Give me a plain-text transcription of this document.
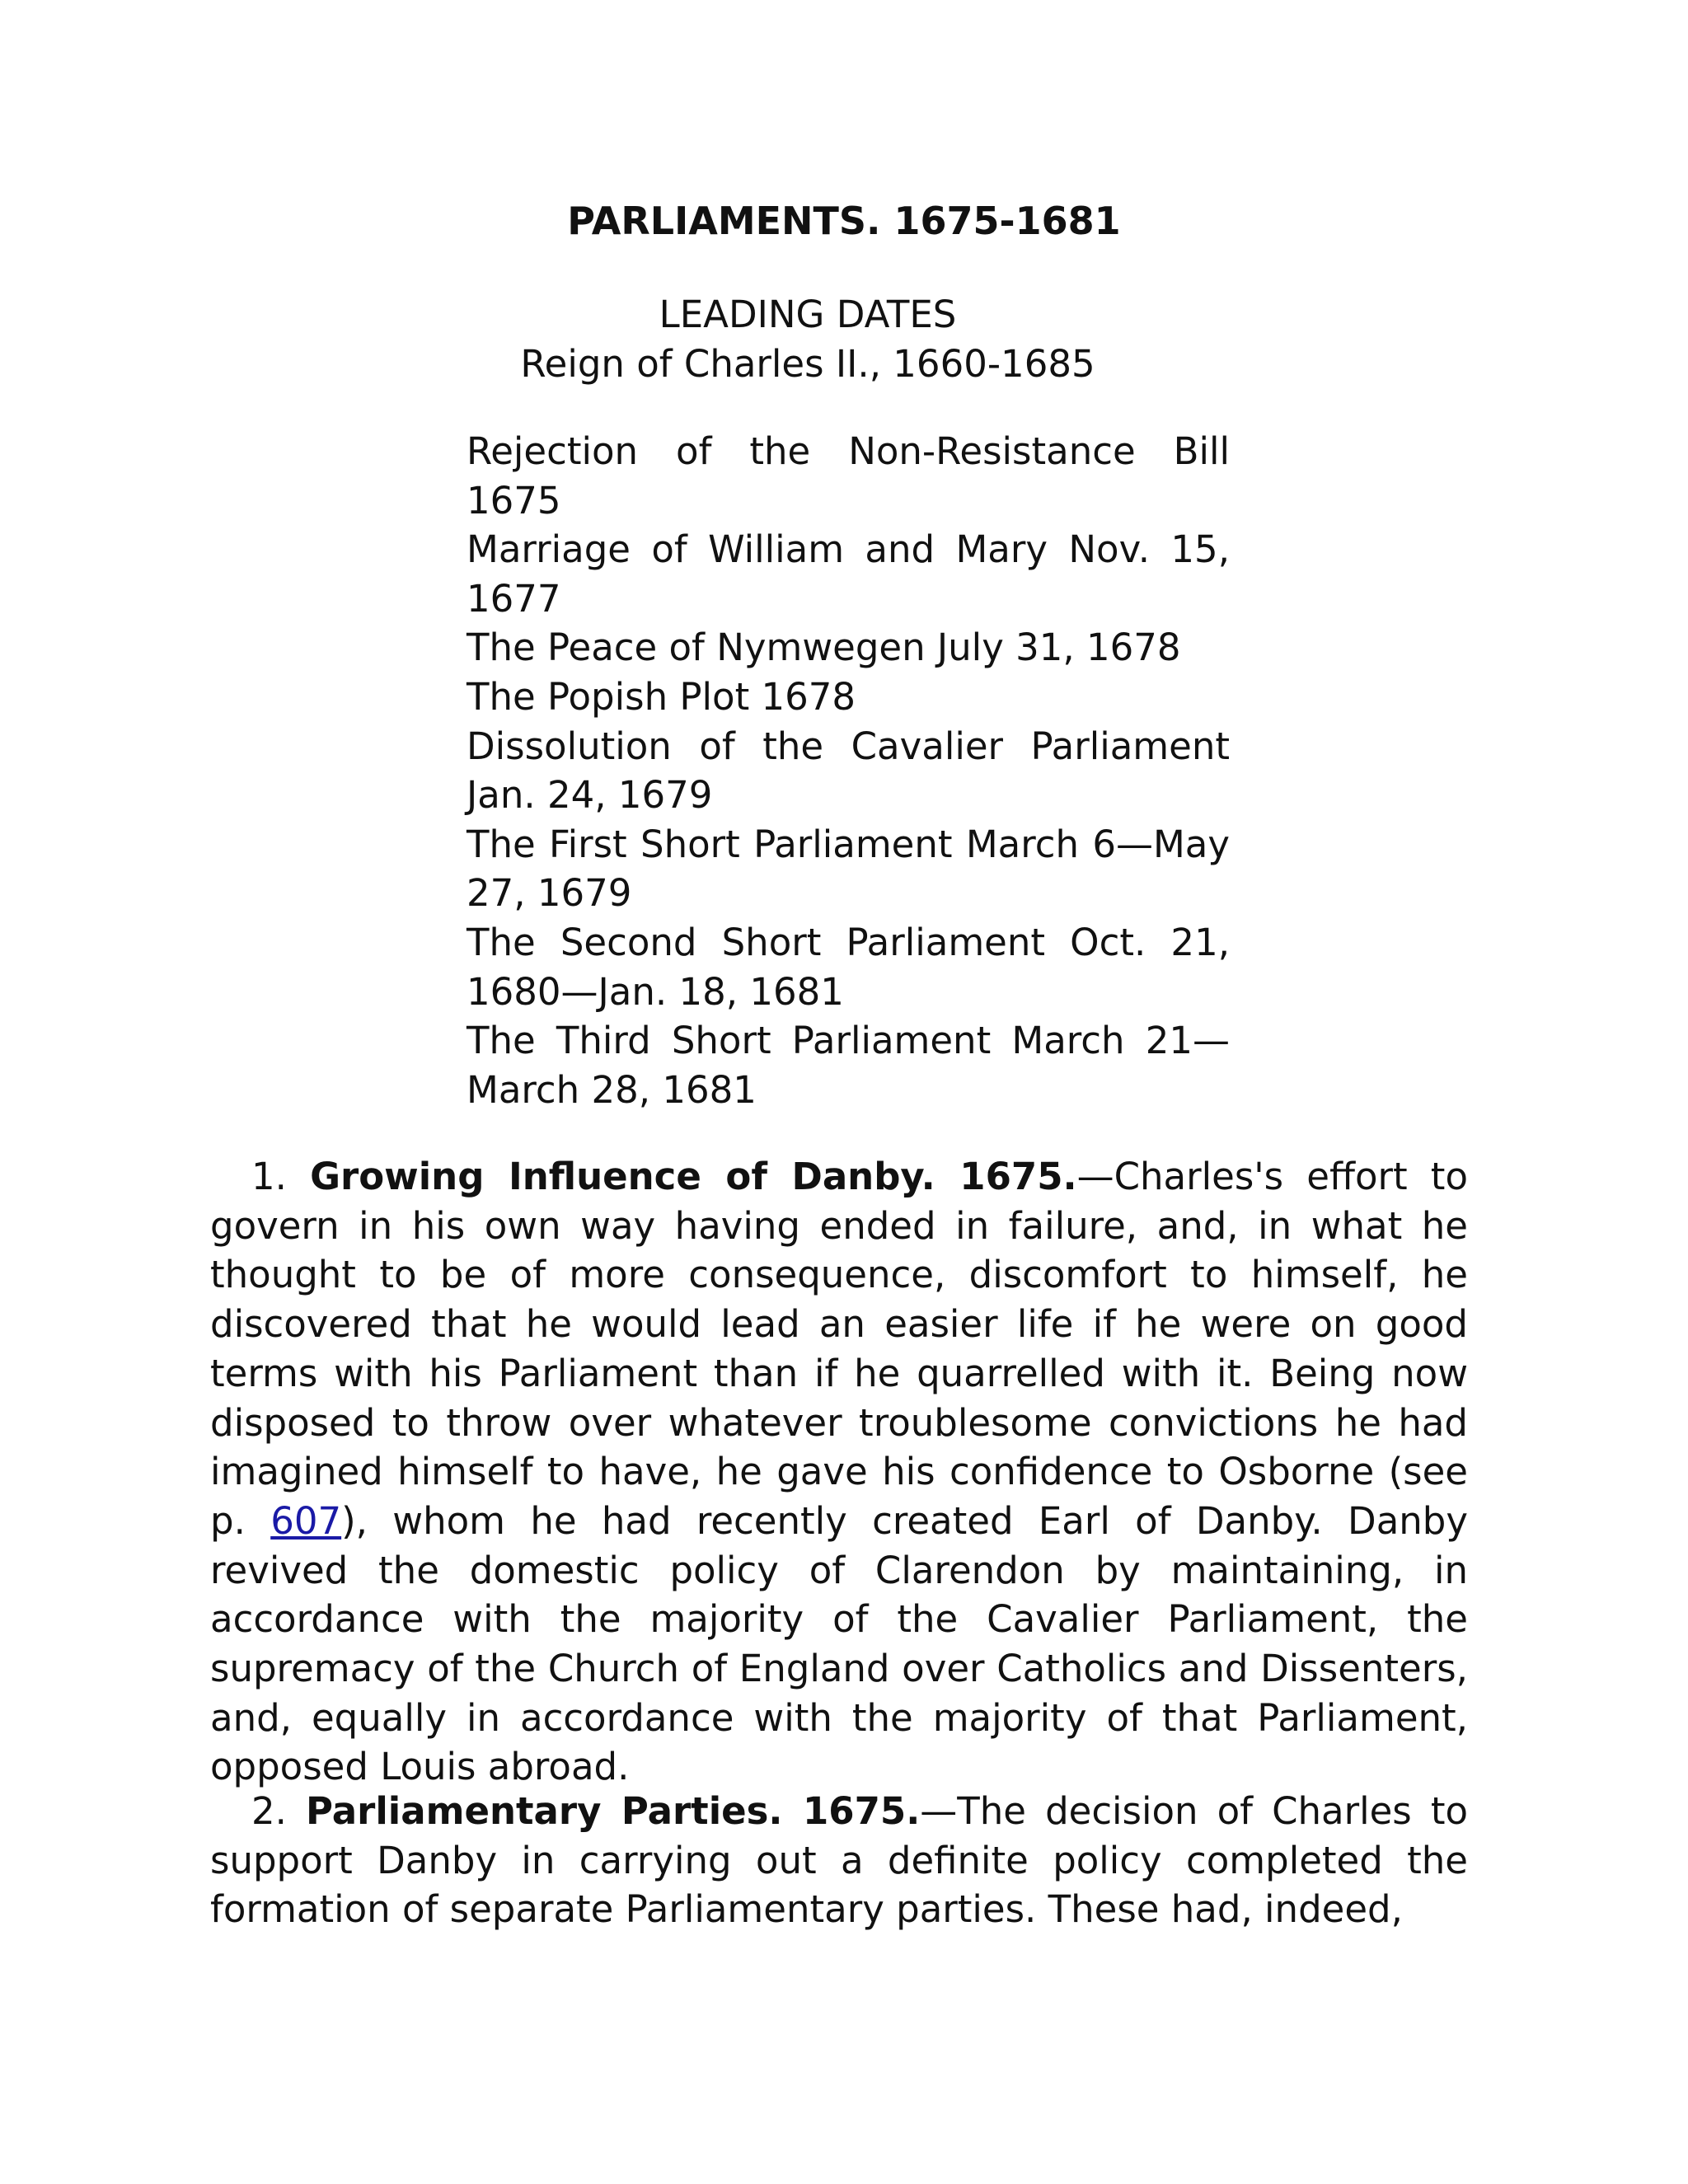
PARLIAMENTS. 1675-1681

LEADING DATES

Reign of Charles II., 1660-1685

Rejection of the Non-Resistance Bill 1675
Marriage of William and Mary Nov. 15, 1677
The Peace of Nymwegen July 31, 1678
The Popish Plot 1678
Dissolution of the Cavalier Parliament Jan. 24, 1679
The First Short Parliament March 6—May 27, 1679
The Second Short Parliament Oct. 21, 1680—Jan. 18, 1681
The Third Short Parliament March 21—March 28, 1681

1. Growing Influence of Danby. 1675.—Charles's effort to govern in his own way having ended in failure, and, in what he thought to be of more consequence, discomfort to himself, he discovered that he would lead an easier life if he were on good terms with his Parliament than if he quarrelled with it. Being now disposed to throw over whatever troublesome convictions he had imagined himself to have, he gave his confidence to Osborne (see p. 607), whom he had recently created Earl of Danby. Danby revived the domestic policy of Clarendon by maintaining, in accordance with the majority of the Cavalier Parliament, the supremacy of the Church of England over Catholics and Dissenters, and, equally in accordance with the majority of that Parliament, opposed Louis abroad.

2. Parliamentary Parties. 1675.—The decision of Charles to support Danby in carrying out a definite policy completed the formation of separate Parliamentary parties. These had, indeed,
